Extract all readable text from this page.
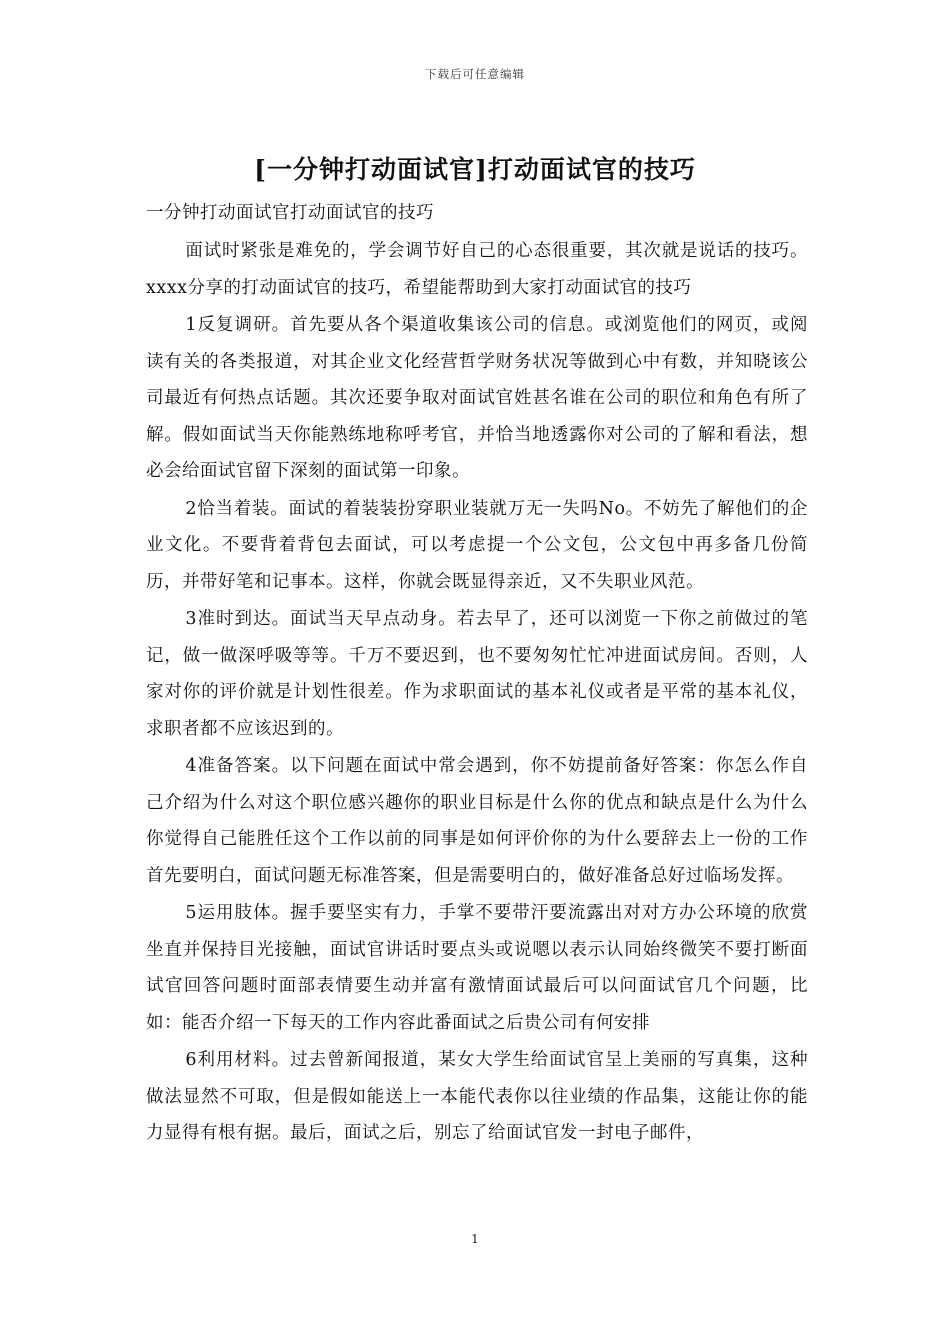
下载后可任意编辑
[一分钟打动面试官]打动面试官的技巧

一分钟打动面试官打动面试官的技巧

面试时紧张是难免的，学会调节好自己的心态很重要，其次就是说话的技巧。xxxx分享的打动面试官的技巧，希望能帮助到大家打动面试官的技巧

1反复调研。首先要从各个渠道收集该公司的信息。或浏览他们的网页，或阅读有关的各类报道，对其企业文化经营哲学财务状况等做到心中有数，并知晓该公司最近有何热点话题。其次还要争取对面试官姓甚名谁在公司的职位和角色有所了解。假如面试当天你能熟练地称呼考官，并恰当地透露你对公司的了解和看法，想必会给面试官留下深刻的面试第一印象。

2恰当着装。面试的着装装扮穿职业装就万无一失吗No。不妨先了解他们的企业文化。不要背着背包去面试，可以考虑提一个公文包，公文包中再多备几份简历，并带好笔和记事本。这样，你就会既显得亲近，又不失职业风范。

3准时到达。面试当天早点动身。若去早了，还可以浏览一下你之前做过的笔记，做一做深呼吸等等。千万不要迟到，也不要匆匆忙忙冲进面试房间。否则，人家对你的评价就是计划性很差。作为求职面试的基本礼仪或者是平常的基本礼仪，求职者都不应该迟到的。

4准备答案。以下问题在面试中常会遇到，你不妨提前备好答案：你怎么作自己介绍为什么对这个职位感兴趣你的职业目标是什么你的优点和缺点是什么为什么你觉得自己能胜任这个工作以前的同事是如何评价你的为什么要辞去上一份的工作首先要明白，面试问题无标准答案，但是需要明白的，做好准备总好过临场发挥。

5运用肢体。握手要坚实有力，手掌不要带汗要流露出对对方办公环境的欣赏坐直并保持目光接触，面试官讲话时要点头或说嗯以表示认同始终微笑不要打断面试官回答问题时面部表情要生动并富有激情面试最后可以问面试官几个问题，比如：能否介绍一下每天的工作内容此番面试之后贵公司有何安排

6利用材料。过去曾新闻报道，某女大学生给面试官呈上美丽的写真集，这种做法显然不可取，但是假如能送上一本能代表你以往业绩的作品集，这能让你的能力显得有根有据。最后，面试之后，别忘了给面试官发一封电子邮件，

1
